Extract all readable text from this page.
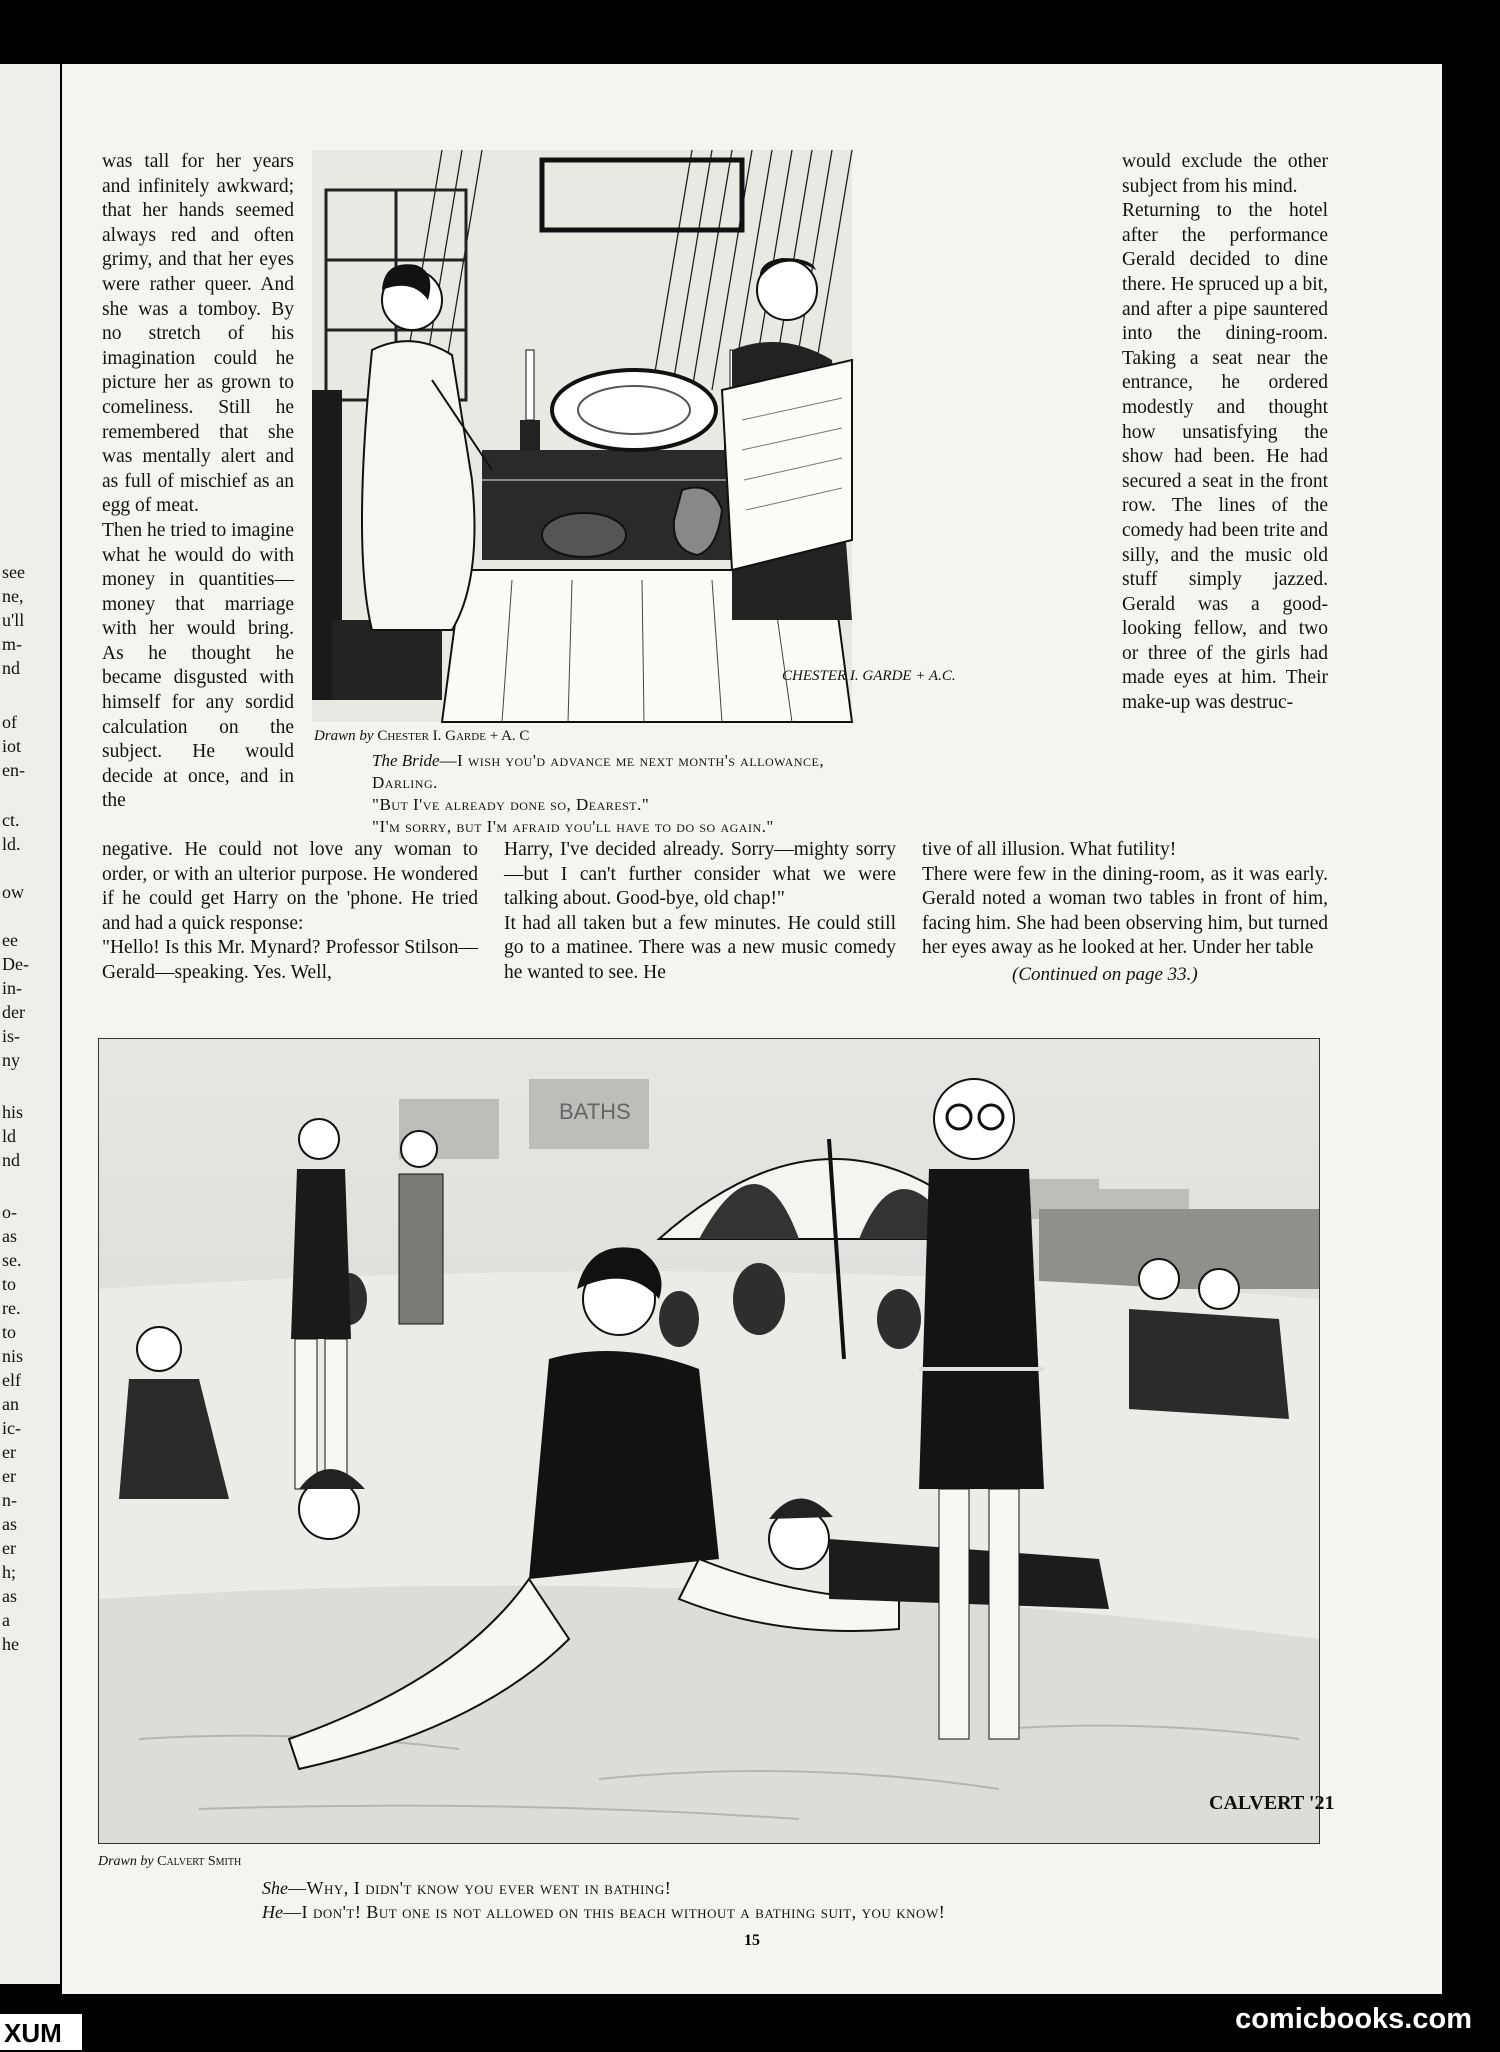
see
ne,
u'll
m-
nd
of
iot
en-
ct.
ld.
ow
ee
De-
in-
der
is-
ny
his
ld
nd
o-
as
se.
to
re.
to
nis
elf
an
ic-
er
er
n-
as
er
h;
as
a
he
was tall for her years and infinitely awkward; that her hands seemed always red and often grimy, and that her eyes were rather queer. And she was a tomboy. By no stretch of his imagination could he picture her as grown to comeliness. Still he remembered that she was mentally alert and as full of mischief as an egg of meat.
Then he tried to imagine what he would do with money in quantities—money that marriage with her would bring. As he thought he became disgusted with himself for any sordid calculation on the subject. He would decide at once, and in the
CHESTER I. GARDE + A.C.
Drawn by Chester I. Garde + A. C
The Bride—I wish you'd advance me next month's allowance, Darling.
"But I've already done so, Dearest."
"I'm sorry, but I'm afraid you'll have to do so again."
would exclude the other subject from his mind.
Returning to the hotel after the performance Gerald decided to dine there. He spruced up a bit, and after a pipe sauntered into the dining-room. Taking a seat near the entrance, he ordered modestly and thought how unsatisfying the show had been. He had secured a seat in the front row. The lines of the comedy had been trite and silly, and the music old stuff simply jazzed. Gerald was a good-looking fellow, and two or three of the girls had made eyes at him. Their make-up was destruc-
negative. He could not love any woman to order, or with an ulterior purpose. He wondered if he could get Harry on the 'phone. He tried and had a quick response:
"Hello! Is this Mr. Mynard? Professor Stilson—Gerald—speaking. Yes. Well,
Harry, I've decided already. Sorry—mighty sorry—but I can't further consider what we were talking about. Good-bye, old chap!"
It had all taken but a few minutes. He could still go to a matinee. There was a new music comedy he wanted to see. He
tive of all illusion. What futility!
There were few in the dining-room, as it was early. Gerald noted a woman two tables in front of him, facing him. She had been observing him, but turned her eyes away as he looked at her. Under her table
(Continued on page 33.)
BATHS
CALVERT '21
Drawn by Calvert Smith
She—Why, I didn't know you ever went in bathing!
He—I don't! But one is not allowed on this beach without a bathing suit, you know!
15
comicbooks.com
XUM
